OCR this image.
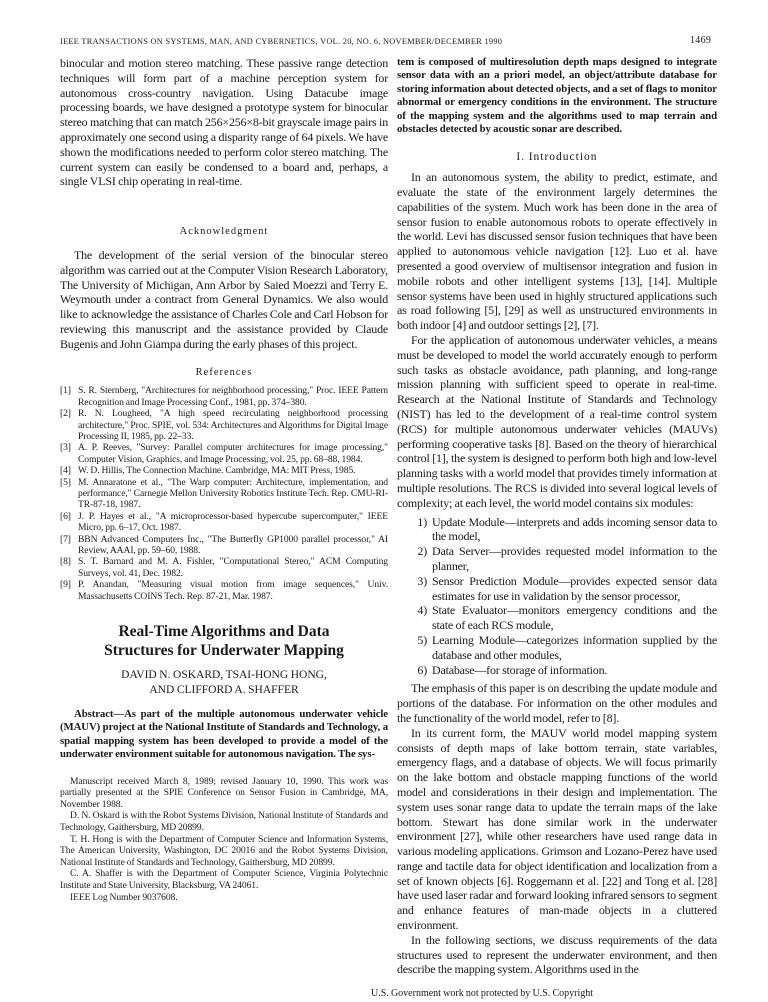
IEEE TRANSACTIONS ON SYSTEMS, MAN, AND CYBERNETICS, VOL. 20, NO. 6, NOVEMBER/DECEMBER 1990	1469

binocular and motion stereo matching. These passive range detection techniques will form part of a machine perception system for autonomous cross-country navigation. Using Datacube image processing boards, we have designed a prototype system for binocular stereo matching that can match 256×256×8-bit grayscale image pairs in approximately one second using a disparity range of 64 pixels. We have shown the modifications needed to perform color stereo matching. The current system can easily be condensed to a board and, perhaps, a single VLSI chip operating in real-time.

Acknowledgment

The development of the serial version of the binocular stereo algorithm was carried out at the Computer Vision Research Laboratory, The University of Michigan, Ann Arbor by Saied Moezzi and Terry E. Weymouth under a contract from General Dynamics. We also would like to acknowledge the assistance of Charles Cole and Carl Hobson for reviewing this manuscript and the assistance provided by Claude Bugenis and John Giampa during the early phases of this project.

References

[1] S. R. Sternberg, "Architectures for neighborhood processing," Proc. IEEE Pattern Recognition and Image Processing Conf., 1981, pp. 374–380.
[2] R. N. Lougheed, "A high speed recirculating neighborhood processing architecture," Proc. SPIE, vol. 534: Architectures and Algorithms for Digital Image Processing II, 1985, pp. 22–33.
[3] A. P. Reeves, "Survey: Parallel computer architectures for image processing," Computer Vision, Graphics, and Image Processing, vol. 25, pp. 68–88, 1984.
[4] W. D. Hillis, The Connection Machine. Cambridge, MA: MIT Press, 1985.
[5] M. Annaratone et al., "The Warp computer: Architecture, implementation, and performance," Carnegie Mellon University Robotics Institute Tech. Rep. CMU-RI-TR-87-18, 1987.
[6] J. P. Hayes et al., "A microprocessor-based hypercube supercomputer," IEEE Micro, pp. 6–17, Oct. 1987.
[7] BBN Advanced Computers Inc., "The Butterfly GP1000 parallel processor," AI Review, AAAI, pp. 59–60, 1988.
[8] S. T. Barnard and M. A. Fishler, "Computational Stereo," ACM Computing Surveys, vol. 41, Dec. 1982.
[9] P. Anandan, "Measuring visual motion from image sequences," Univ. Massachusetts COINS Tech. Rep. 87-21, Mar. 1987.
Real-Time Algorithms and Data Structures for Underwater Mapping
DAVID N. OSKARD, TSAI-HONG HONG,
AND CLIFFORD A. SHAFFER
Abstract—As part of the multiple autonomous underwater vehicle (MAUV) project at the National Institute of Standards and Technology, a spatial mapping system has been developed to provide a model of the underwater environment suitable for autonomous navigation. The sys-

Manuscript received March 8, 1989; revised January 10, 1990. This work was partially presented at the SPIE Conference on Sensor Fusion in Cambridge, MA, November 1988.

D. N. Oskard is with the Robot Systems Division, National Institute of Standards and Technology, Gaithersburg, MD 20899.

T. H. Hong is with the Department of Computer Science and Information Systems, The American University, Washington, DC 20016 and the Robot Systems Division, National Institute of Standards and Technology, Gaithersburg, MD 20899.

C. A. Shaffer is with the Department of Computer Science, Virginia Polytechnic Institute and State University, Blacksburg, VA 24061.

IEEE Log Number 9037608.

tem is composed of multiresolution depth maps designed to integrate sensor data with an a priori model, an object/attribute database for storing information about detected objects, and a set of flags to monitor abnormal or emergency conditions in the environment. The structure of the mapping system and the algorithms used to map terrain and obstacles detected by acoustic sonar are described.

I. Introduction

In an autonomous system, the ability to predict, estimate, and evaluate the state of the environment largely determines the capabilities of the system. Much work has been done in the area of sensor fusion to enable autonomous robots to operate effectively in the world. Levi has discussed sensor fusion techniques that have been applied to autonomous vehicle navigation [12]. Luo et al. have presented a good overview of multisensor integration and fusion in mobile robots and other intelligent systems [13], [14]. Multiple sensor systems have been used in highly structured applications such as road following [5], [29] as well as unstructured environments in both indoor [4] and outdoor settings [2], [7].

For the application of autonomous underwater vehicles, a means must be developed to model the world accurately enough to perform such tasks as obstacle avoidance, path planning, and long-range mission planning with sufficient speed to operate in real-time. Research at the National Institute of Standards and Technology (NIST) has led to the development of a real-time control system (RCS) for multiple autonomous underwater vehicles (MAUVs) performing cooperative tasks [8]. Based on the theory of hierarchical control [1], the system is designed to perform both high and low-level planning tasks with a world model that provides timely information at multiple resolutions. The RCS is divided into several logical levels of complexity; at each level, the world model contains six modules:

1) Update Module—interprets and adds incoming sensor data to the model,
2) Data Server—provides requested model information to the planner,
3) Sensor Prediction Module—provides expected sensor data estimates for use in validation by the sensor processor,
4) State Evaluator—monitors emergency conditions and the state of each RCS module,
5) Learning Module—categorizes information supplied by the database and other modules,
6) Database—for storage of information.

The emphasis of this paper is on describing the update module and portions of the database. For information on the other modules and the functionality of the world model, refer to [8].

In its current form, the MAUV world model mapping system consists of depth maps of lake bottom terrain, state variables, emergency flags, and a database of objects. We will focus primarily on the lake bottom and obstacle mapping functions of the world model and considerations in their design and implementation. The system uses sonar range data to update the terrain maps of the lake bottom. Stewart has done similar work in the underwater environment [27], while other researchers have used range data in various modeling applications. Grimson and Lozano-Perez have used range and tactile data for object identification and localization from a set of known objects [6]. Roggemann et al. [22] and Tong et al. [28] have used laser radar and forward looking infrared sensors to segment and enhance features of man-made objects in a cluttered environment.

In the following sections, we discuss requirements of the data structures used to represent the underwater environment, and then describe the mapping system. Algorithms used in the

U.S. Government work not protected by U.S. Copyright
